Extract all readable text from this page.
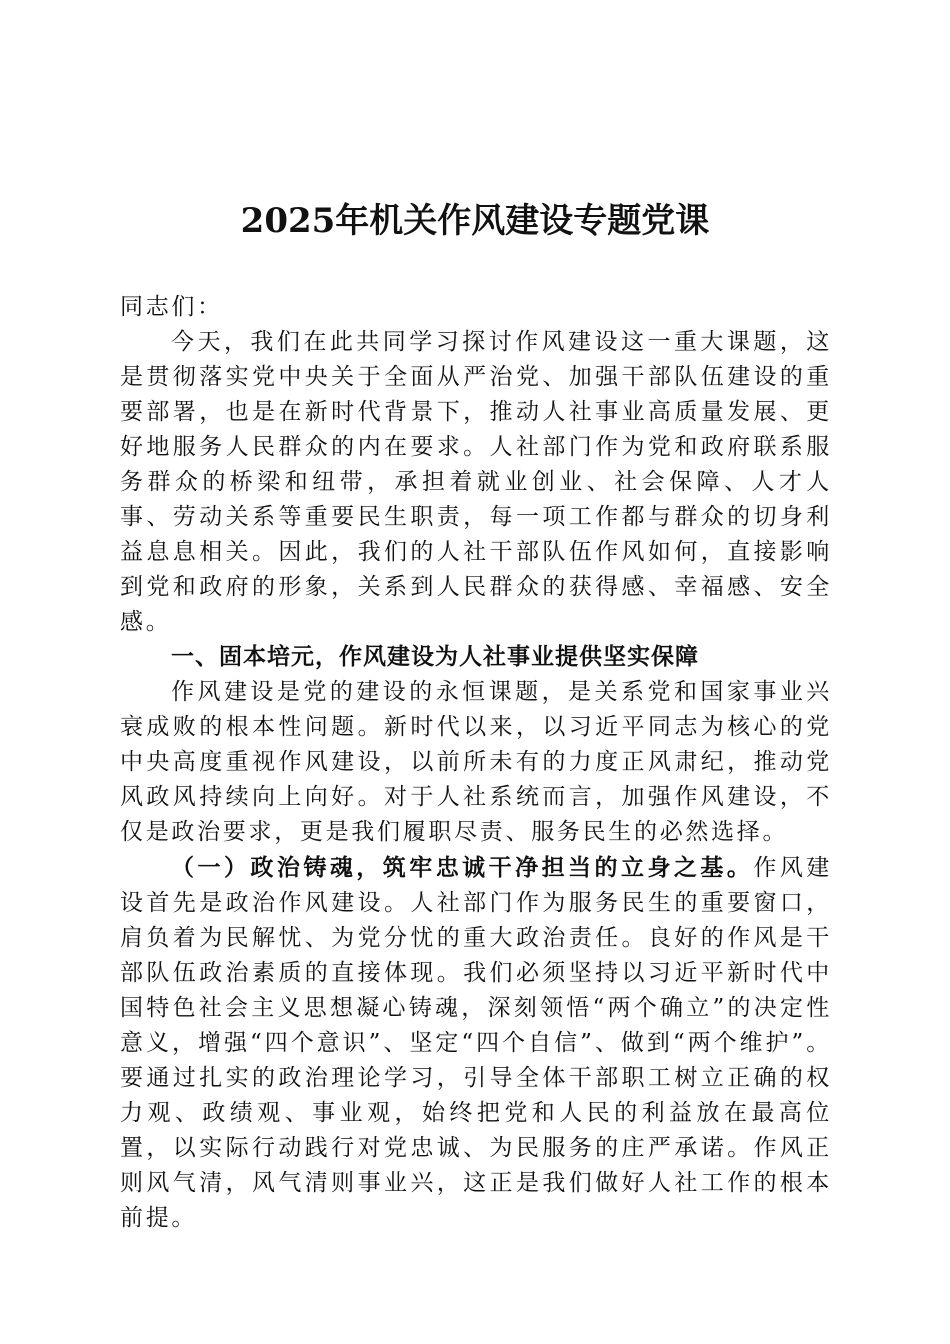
2025年机关作风建设专题党课

同志们：

今天，我们在此共同学习探讨作风建设这一重大课题，这是贯彻落实党中央关于全面从严治党、加强干部队伍建设的重要部署，也是在新时代背景下，推动人社事业高质量发展、更好地服务人民群众的内在要求。人社部门作为党和政府联系服务群众的桥梁和纽带，承担着就业创业、社会保障、人才人事、劳动关系等重要民生职责，每一项工作都与群众的切身利益息息相关。因此，我们的人社干部队伍作风如何，直接影响到党和政府的形象，关系到人民群众的获得感、幸福感、安全感。

一、固本培元，作风建设为人社事业提供坚实保障

作风建设是党的建设的永恒课题，是关系党和国家事业兴衰成败的根本性问题。新时代以来，以习近平同志为核心的党中央高度重视作风建设，以前所未有的力度正风肃纪，推动党风政风持续向上向好。对于人社系统而言，加强作风建设，不仅是政治要求，更是我们履职尽责、服务民生的必然选择。

（一）政治铸魂，筑牢忠诚干净担当的立身之基。作风建设首先是政治作风建设。人社部门作为服务民生的重要窗口，肩负着为民解忧、为党分忧的重大政治责任。良好的作风是干部队伍政治素质的直接体现。我们必须坚持以习近平新时代中国特色社会主义思想凝心铸魂，深刻领悟“两个确立”的决定性意义，增强“四个意识”、坚定“四个自信”、做到“两个维护”。要通过扎实的政治理论学习，引导全体干部职工树立正确的权力观、政绩观、事业观，始终把党和人民的利益放在最高位置，以实际行动践行对党忠诚、为民服务的庄严承诺。作风正则风气清，风气清则事业兴，这正是我们做好人社工作的根本前提。
